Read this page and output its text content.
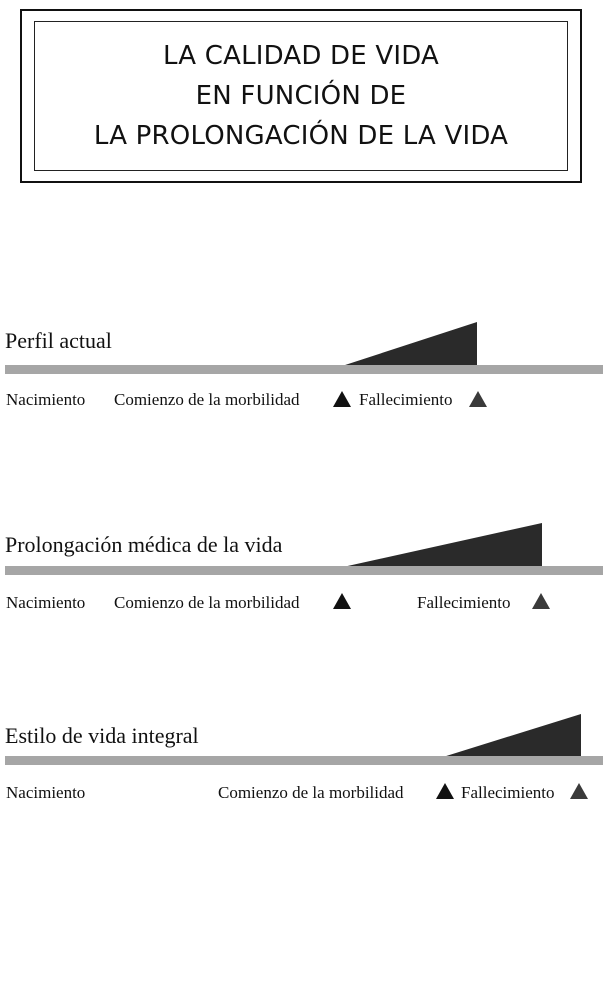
LA CALIDAD DE VIDA
EN FUNCIÓN DE
LA PROLONGACIÓN DE LA VIDA
Perfil actual
Nacimiento Comienzo de la morbilidad	Fallecimiento
Prolongación médica de la vida
Nacimiento Comienzo de la morbilidad	Fallecimiento
Estilo de vida integral
Nacimiento	Comienzo de la morbilidad	Fallecimiento
